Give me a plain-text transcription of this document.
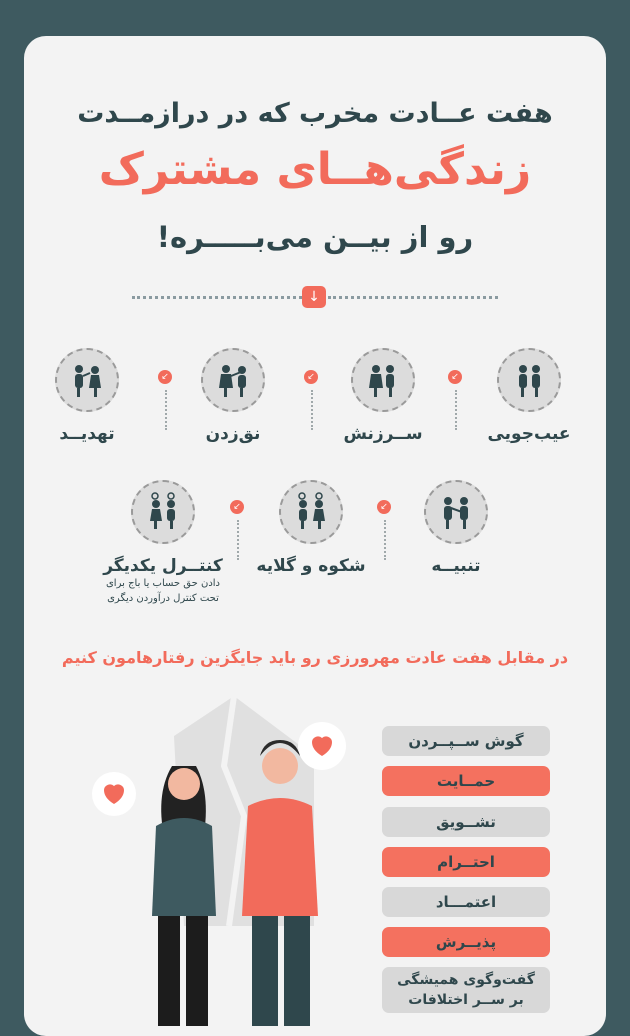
هفت عــادت مخرب که در درازمــدت
زندگی‌هــای مشترک
رو از بیــن می‌بـــــره!
↓
عیب‌جویی
↙
ســرزنش
↙
نق‌زدن
↙
تهدیــد
تنبیــه
↙
شکوه و گلایه
↙
کنتــرل یکدیگر
دادن حق حساب یا باج برای
تحت کنترل درآوردن دیگری
در مقابل هفت عادت مهرورزی رو باید جایگزین رفتارهامون کنیم
گوش ســپــردن
حمــایت
تشــویق
احتــرام
اعتمـــاد
پذیــرش
گفت‌وگوی همیشگی
بر ســر اختلافات
